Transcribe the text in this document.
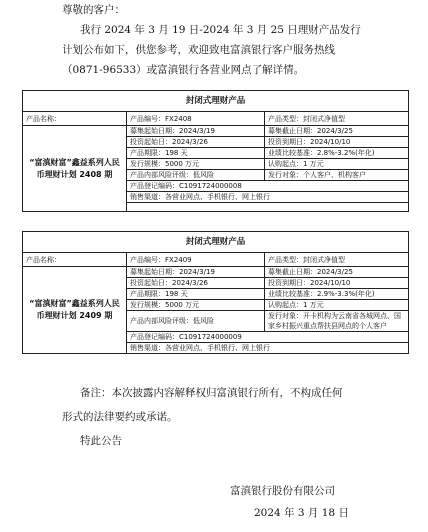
尊敬的客户：
我行 2024 年 3 月 19 日-2024 年 3 月 25 日理财产品发行
计划公布如下，供您参考，欢迎致电富滇银行客户服务热线
（0871-96533）或富滇银行各营业网点了解详情。
封闭式理财产品		
产品名称：	产品编号：FX2408	产品类型：封闭式净值型
“富滇财富”鑫益系列人民币理财计划 2408 期	募集起始日期：2024/3/19	募集截止日期：2024/3/25
	投资起始日：2024/3/26	投资到期日：2024/10/10
	产品期限：198 天	业绩比较基准：2.8%-3.2%(年化)
	发行规模：5000 万元	认购起点：1 万元
	产品内部风险评级：低风险	发行对象：个人客户、机构客户
	产品登记编码：C1091724000008	
	销售渠道：各营业网点、手机银行、网上银行	

封闭式理财产品		
产品名称：	产品编号：FX2409	产品类型：封闭式净值型
“富滇财富”鑫益系列人民币理财计划 2409 期	募集起始日期：2024/3/19	募集截止日期：2024/3/25
	投资起始日：2024/3/26	投资到期日：2024/10/10
	产品期限：198 天	业绩比较基准：2.9%-3.3%(年化)
	发行规模：5000 万元	认购起点：1 万元
	产品内部风险评级：低风险	发行对象：开卡机构为云南省各城网点、国家乡村振兴重点帮扶县网点的个人客户

	产品登记编码：C1091724000009	
	销售渠道：各营业网点、手机银行、网上银行	
备注：本次披露内容解释权归富滇银行所有，不构成任何
形式的法律要约或承诺。
特此公告
富滇银行股份有限公司
2024 年 3 月 18 日
